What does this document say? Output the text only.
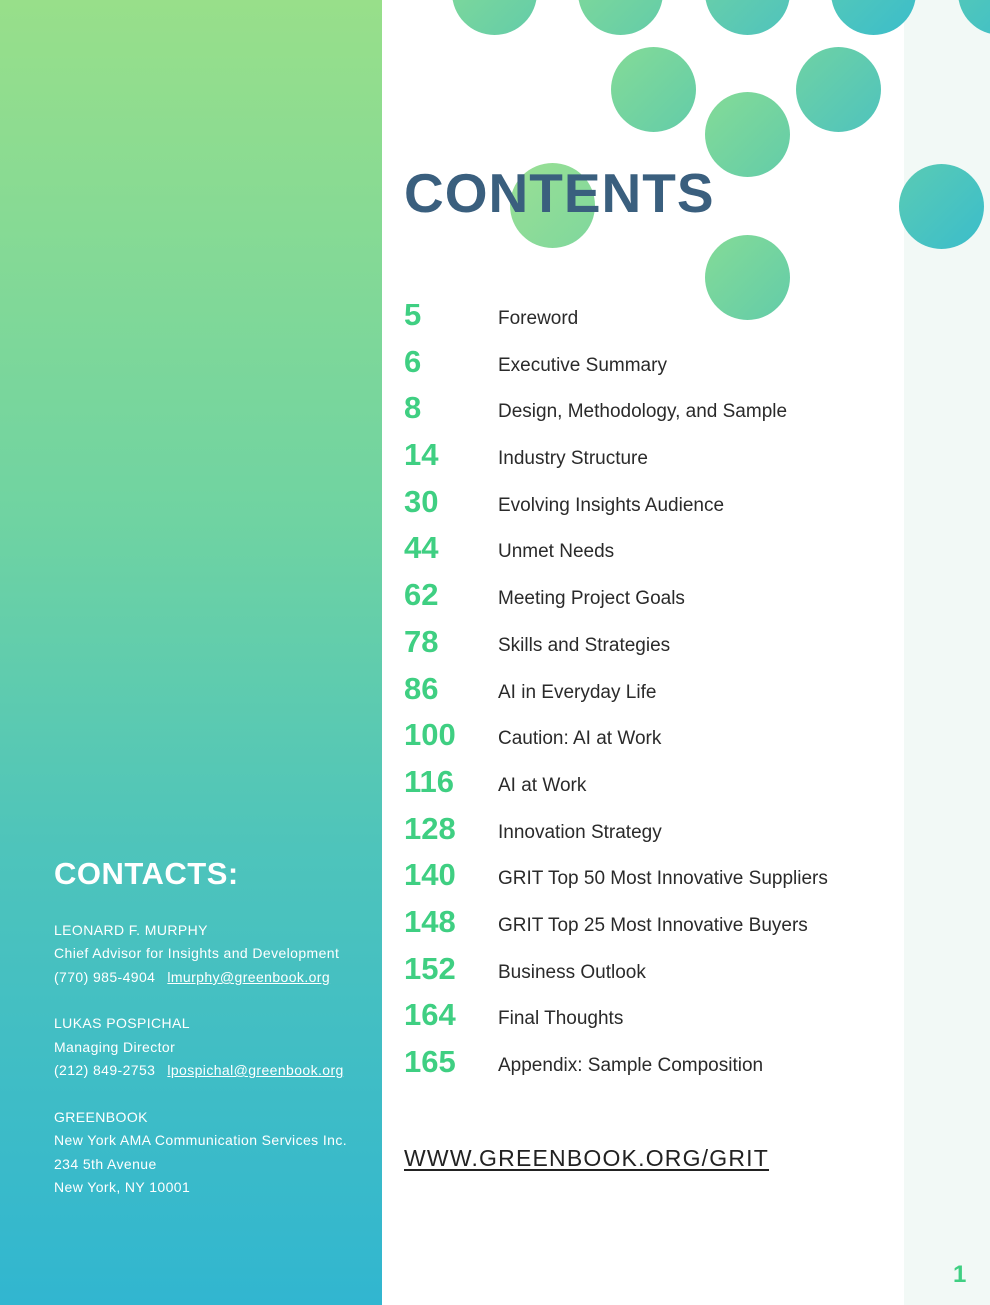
CONTENTS
5	Foreword
6	Executive Summary
8	Design, Methodology, and Sample
14	Industry Structure
30	Evolving Insights Audience
44	Unmet Needs
62	Meeting Project Goals
78	Skills and Strategies
86	AI in Everyday Life
100 Caution: AI at Work
116 AI at Work
128 Innovation Strategy
140 GRIT Top 50 Most Innovative Suppliers
148 GRIT Top 25 Most Innovative Buyers
152 Business Outlook
164 Final Thoughts
165 Appendix: Sample Composition
WWW.GREENBOOK.ORG/GRIT
1
CONTACTS:
LEONARD F. MURPHY
Chief Advisor for Insights and Development
(770) 985-4904 lmurphy@greenbook.org
LUKAS POSPICHAL
Managing Director
(212) 849-2753 lpospichal@greenbook.org
GREENBOOK
New York AMA Communication Services Inc.
234 5th Avenue
New York, NY 10001
